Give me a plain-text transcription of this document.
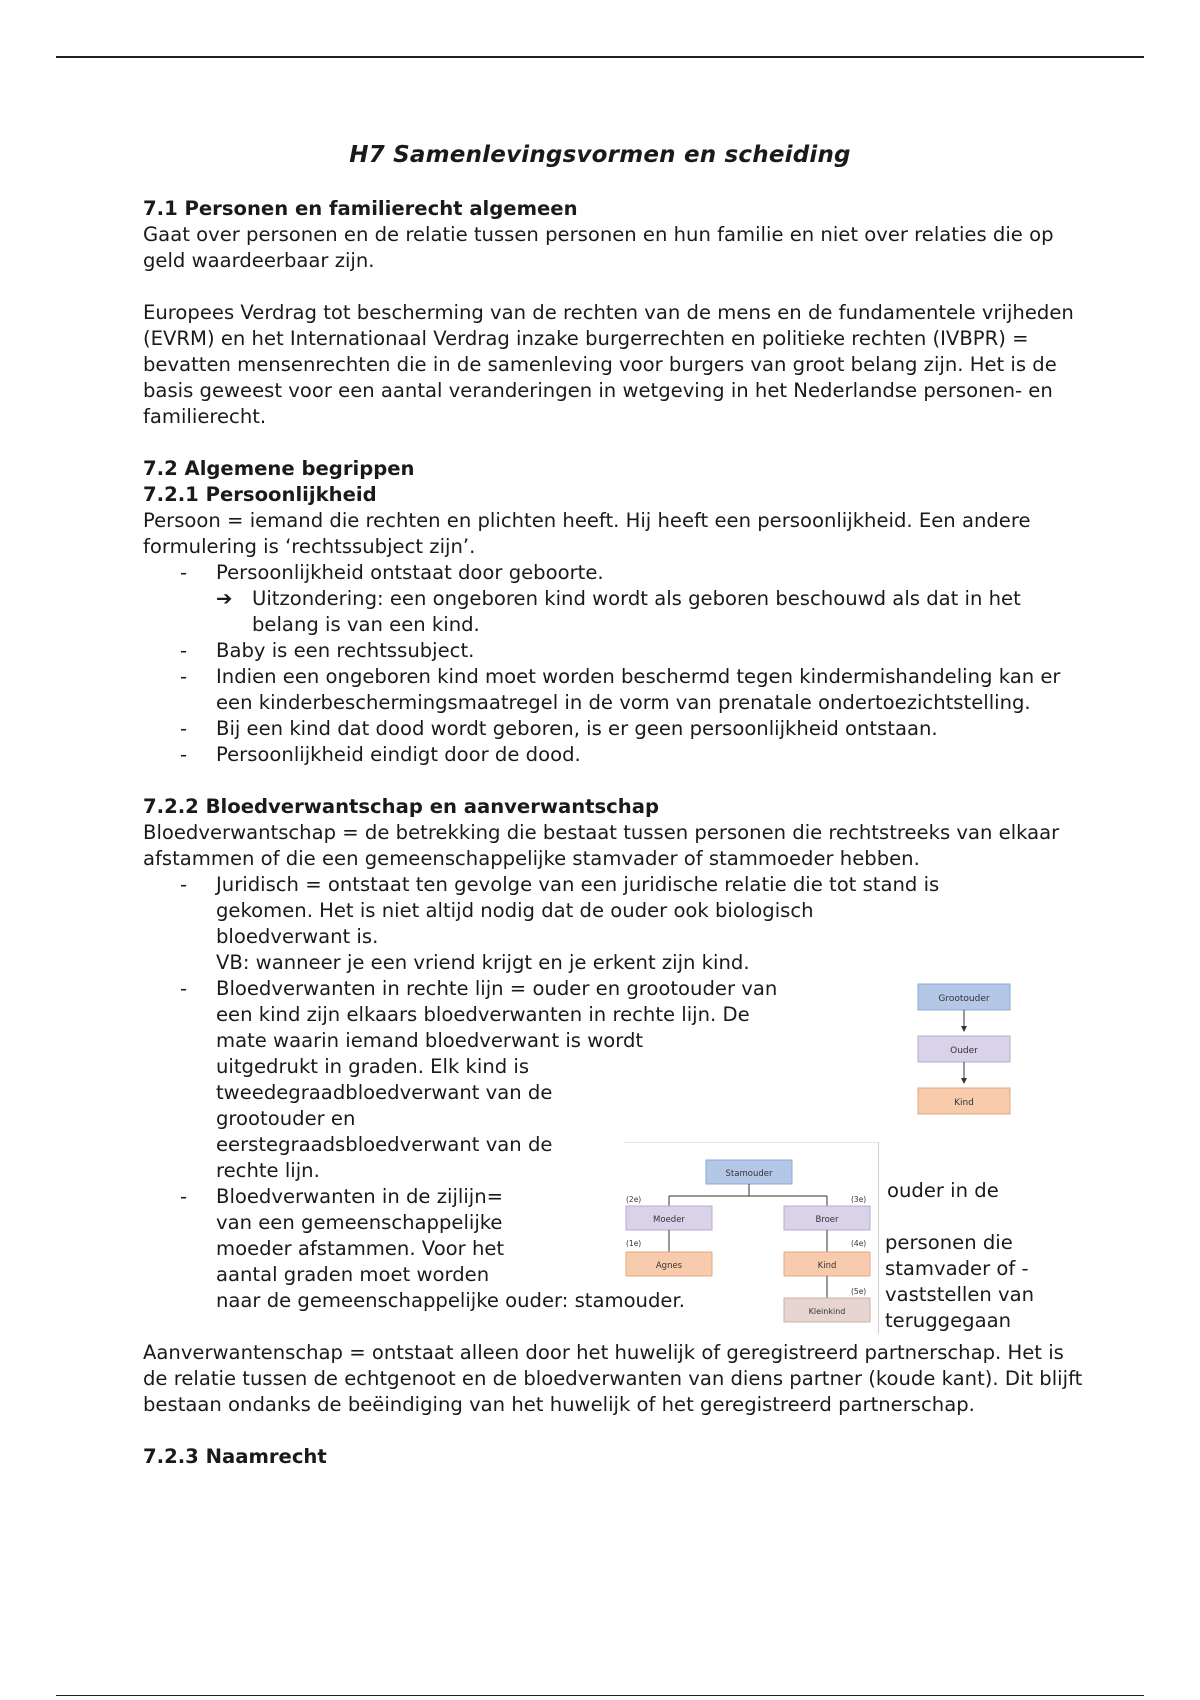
H7 Samenlevingsvormen en scheiding

7.1 Personen en familierecht algemeen

Gaat over personen en de relatie tussen personen en hun familie en niet over relaties die op geld waardeerbaar zijn.

Europees Verdrag tot bescherming van de rechten van de mens en de fundamentele vrijheden (EVRM) en het Internationaal Verdrag inzake burgerrechten en politieke rechten (IVBPR) = bevatten mensenrechten die in de samenleving voor burgers van groot belang zijn. Het is de basis geweest voor een aantal veranderingen in wetgeving in het Nederlandse personen- en familierecht.

7.2 Algemene begrippen

7.2.1 Persoonlijkheid

Persoon = iemand die rechten en plichten heeft. Hij heeft een persoonlijkheid. Een andere formulering is ‘rechtssubject zijn’.

- Persoonlijkheid ontstaat door geboorte.
➔ Uitzondering: een ongeboren kind wordt als geboren beschouwd als dat in het belang is van een kind.
- Baby is een rechtssubject.
- Indien een ongeboren kind moet worden beschermd tegen kindermishandeling kan er een kinderbeschermingsmaatregel in de vorm van prenatale ondertoezichtstelling.
- Bij een kind dat dood wordt geboren, is er geen persoonlijkheid ontstaan.
- Persoonlijkheid eindigt door de dood.

7.2.2 Bloedverwantschap en aanverwantschap

Bloedverwantschap = de betrekking die bestaat tussen personen die rechtstreeks van elkaar afstammen of die een gemeenschappelijke stamvader of stammoeder hebben.

- Juridisch = ontstaat ten gevolge van een juridische relatie die tot stand is
gekomen. Het is niet altijd nodig dat de ouder ook biologisch
bloedverwant is.
VB: wanneer je een vriend krijgt en je erkent zijn kind.
- Bloedverwanten in rechte lijn = ouder en grootouder van
een kind zijn elkaars bloedverwanten in rechte lijn. De
mate waarin iemand bloedverwant is wordt
uitgedrukt in graden. Elk kind is
tweedegraadbloedverwant van de
grootouder en
eerstegraadsbloedverwant van de
rechte lijn.
- Bloedverwanten in de zijlijn=
van een gemeenschappelijke
moeder afstammen. Voor het
aantal graden moet worden
naar de gemeenschappelijke ouder: stamouder.

Aanverwantenschap = ontstaat alleen door het huwelijk of geregistreerd partnerschap. Het is de relatie tussen de echtgenoot en de bloedverwanten van diens partner (koude kant). Dit blijft bestaan ondanks de beëindiging van het huwelijk of het geregistreerd partnerschap.

7.2.3 Naamrecht

ouder in de
personen die
stamvader of -
vaststellen van
teruggegaan
Grootouder
Ouder
Kind
Stamouder
(2e)	(3e)
Moeder	Broer
(1e)	(4e)
Agnes	Kind
(5e)
Kleinkind
